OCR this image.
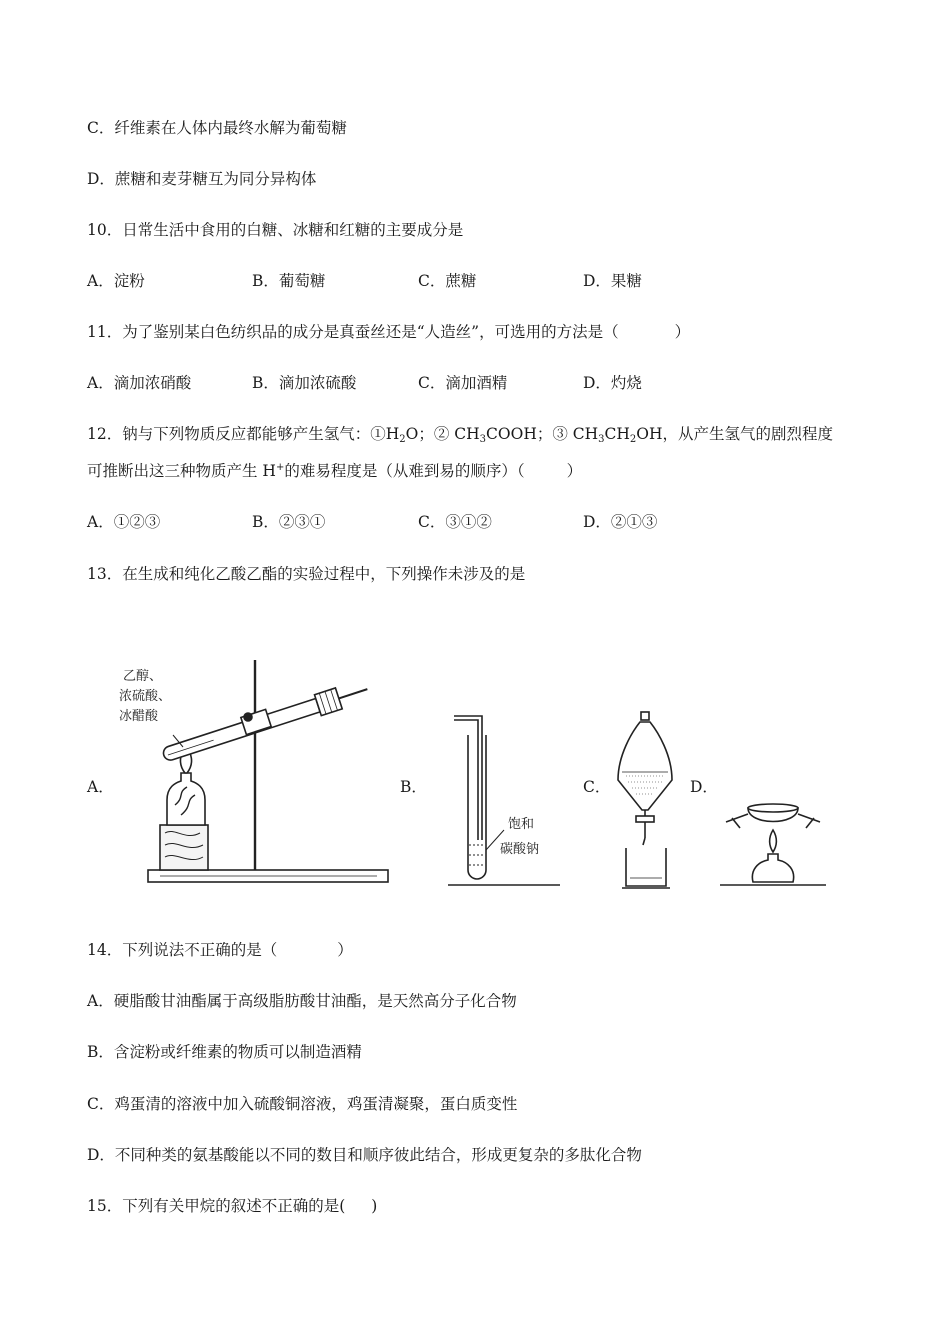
C．纤维素在人体内最终水解为葡萄糖
D．蔗糖和麦芽糖互为同分异构体
10．日常生活中食用的白糖、冰糖和红糖的主要成分是
A．淀粉	B．葡萄糖	C．蔗糖	D．果糖
11．为了鉴别某白色纺织品的成分是真蚕丝还是“人造丝”，可选用的方法是（	）
A．滴加浓硝酸	B．滴加浓硫酸	C．滴加酒精	D．灼烧
12．钠与下列物质反应都能够产生氢气：$①H_2O$；② $CH_3COOH$；③ $CH_3CH_2OH$，从产生氢气的剧烈程度
可推断出这三种物质产生 H+的难易程度是（从难到易的顺序）（	）
A．①②③	B．②③①	C．③①②	D．②①③
13．在生成和纯化乙酸乙酯的实验过程中，下列操作未涉及的是
A．	B．	C．	D．
乙醇、
浓硫酸、
冰醋酸
饱和
碳酸钠
14．下列说法不正确的是（	）
A．硬脂酸甘油酯属于高级脂肪酸甘油酯，是天然高分子化合物
B．含淀粉或纤维素的物质可以制造酒精
C．鸡蛋清的溶液中加入硫酸铜溶液，鸡蛋清凝聚，蛋白质变性
D．不同种类的氨基酸能以不同的数目和顺序彼此结合，形成更复杂的多肽化合物
15．下列有关甲烷的叙述不正确的是( )
